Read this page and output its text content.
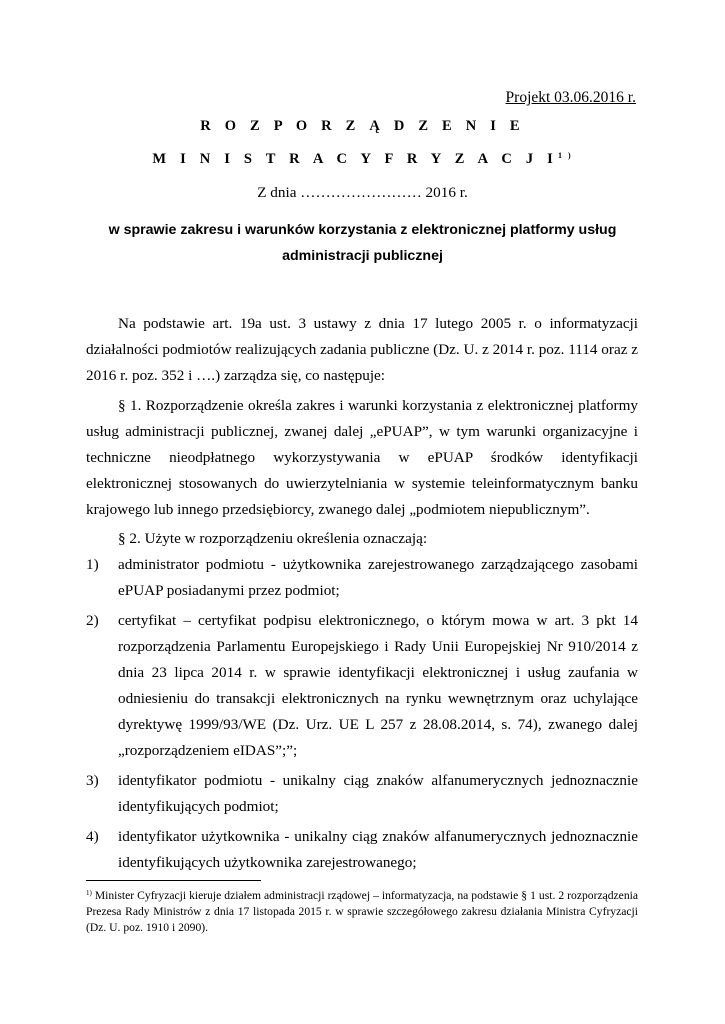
Projekt 03.06.2016 r.
R O Z P O R Z Ą D Z E N I E
M I N I S T R A C Y F R Y Z A C J $I^{1 )}$
Z dnia …………………… 2016 r.
w sprawie zakresu i warunków korzystania z elektronicznej platformy usług
administracji publicznej

Na podstawie art. 19a ust. 3 ustawy z dnia 17 lutego 2005 r. o informatyzacji działalności podmiotów realizujących zadania publiczne (Dz. U. z 2014 r. poz. 1114 oraz z 2016 r. poz. 352 i ….) zarządza się, co następuje:

§ 1. Rozporządzenie określa zakres i warunki korzystania z elektronicznej platformy usług administracji publicznej, zwanej dalej „ePUAP”, w tym warunki organizacyjne i techniczne nieodpłatnego wykorzystywania w ePUAP środków identyfikacji elektronicznej stosowanych do uwierzytelniania w systemie teleinformatycznym banku krajowego lub innego przedsiębiorcy, zwanego dalej „podmiotem niepublicznym”.

§ 2. Użyte w rozporządzeniu określenia oznaczają:

1)	administrator podmiotu - użytkownika zarejestrowanego zarządzającego zasobami ePUAP posiadanymi przez podmiot;
2)	certyfikat – certyfikat podpisu elektronicznego, o którym mowa w art. 3 pkt 14 rozporządzenia Parlamentu Europejskiego i Rady Unii Europejskiej Nr 910/2014 z dnia 23 lipca 2014 r. w sprawie identyfikacji elektronicznej i usług zaufania w odniesieniu do transakcji elektronicznych na rynku wewnętrznym oraz uchylające dyrektywę 1999/93/WE (Dz. Urz. UE L 257 z 28.08.2014, s. 74), zwanego dalej „rozporządzeniem eIDAS”;”;
3)	identyfikator podmiotu - unikalny ciąg znaków alfanumerycznych jednoznacznie identyfikujących podmiot;
4)	identyfikator użytkownika - unikalny ciąg znaków alfanumerycznych jednoznacznie identyfikujących użytkownika zarejestrowanego;
$^{1)}$ Minister Cyfryzacji kieruje działem administracji rządowej – informatyzacja, na podstawie § 1 ust. 2 rozporządzenia Prezesa Rady Ministrów z dnia 17 listopada 2015 r. w sprawie szczegółowego zakresu działania Ministra Cyfryzacji (Dz. U. poz. 1910 i 2090).
